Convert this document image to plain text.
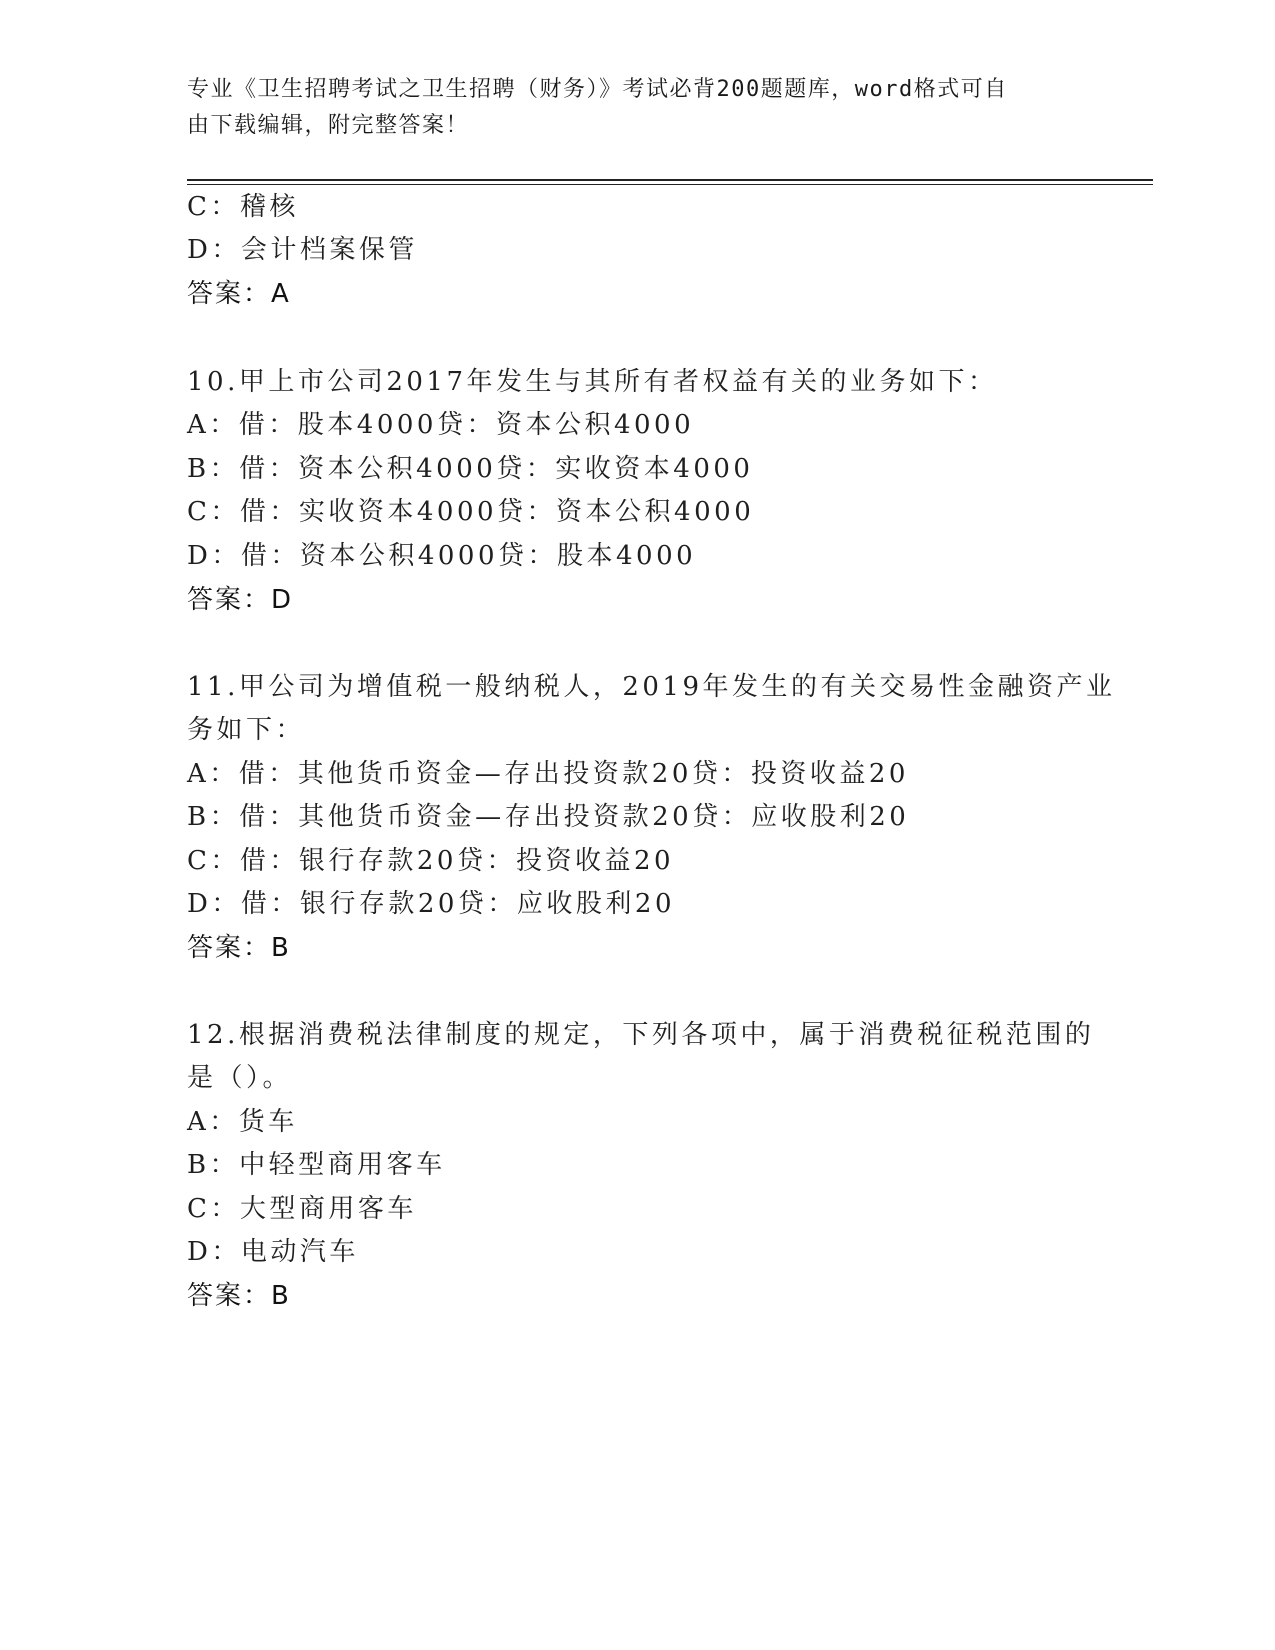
专业《卫生招聘考试之卫生招聘（财务）》考试必背200题题库，word格式可自
由下载编辑，附完整答案！
C：稽核
D：会计档案保管
答案：A
10.甲上市公司2017年发生与其所有者权益有关的业务如下：
A：借：股本4000贷：资本公积4000
B：借：资本公积4000贷：实收资本4000
C：借：实收资本4000贷：资本公积4000
D：借：资本公积4000贷：股本4000
答案：D
11.甲公司为增值税一般纳税人，2019年发生的有关交易性金融资产业
务如下：
A：借：其他货币资金—存出投资款20贷：投资收益20
B：借：其他货币资金—存出投资款20贷：应收股利20
C：借：银行存款20贷：投资收益20
D：借：银行存款20贷：应收股利20
答案：B
12.根据消费税法律制度的规定，下列各项中，属于消费税征税范围的
是（）。
A：货车
B：中轻型商用客车
C：大型商用客车
D：电动汽车
答案：B
